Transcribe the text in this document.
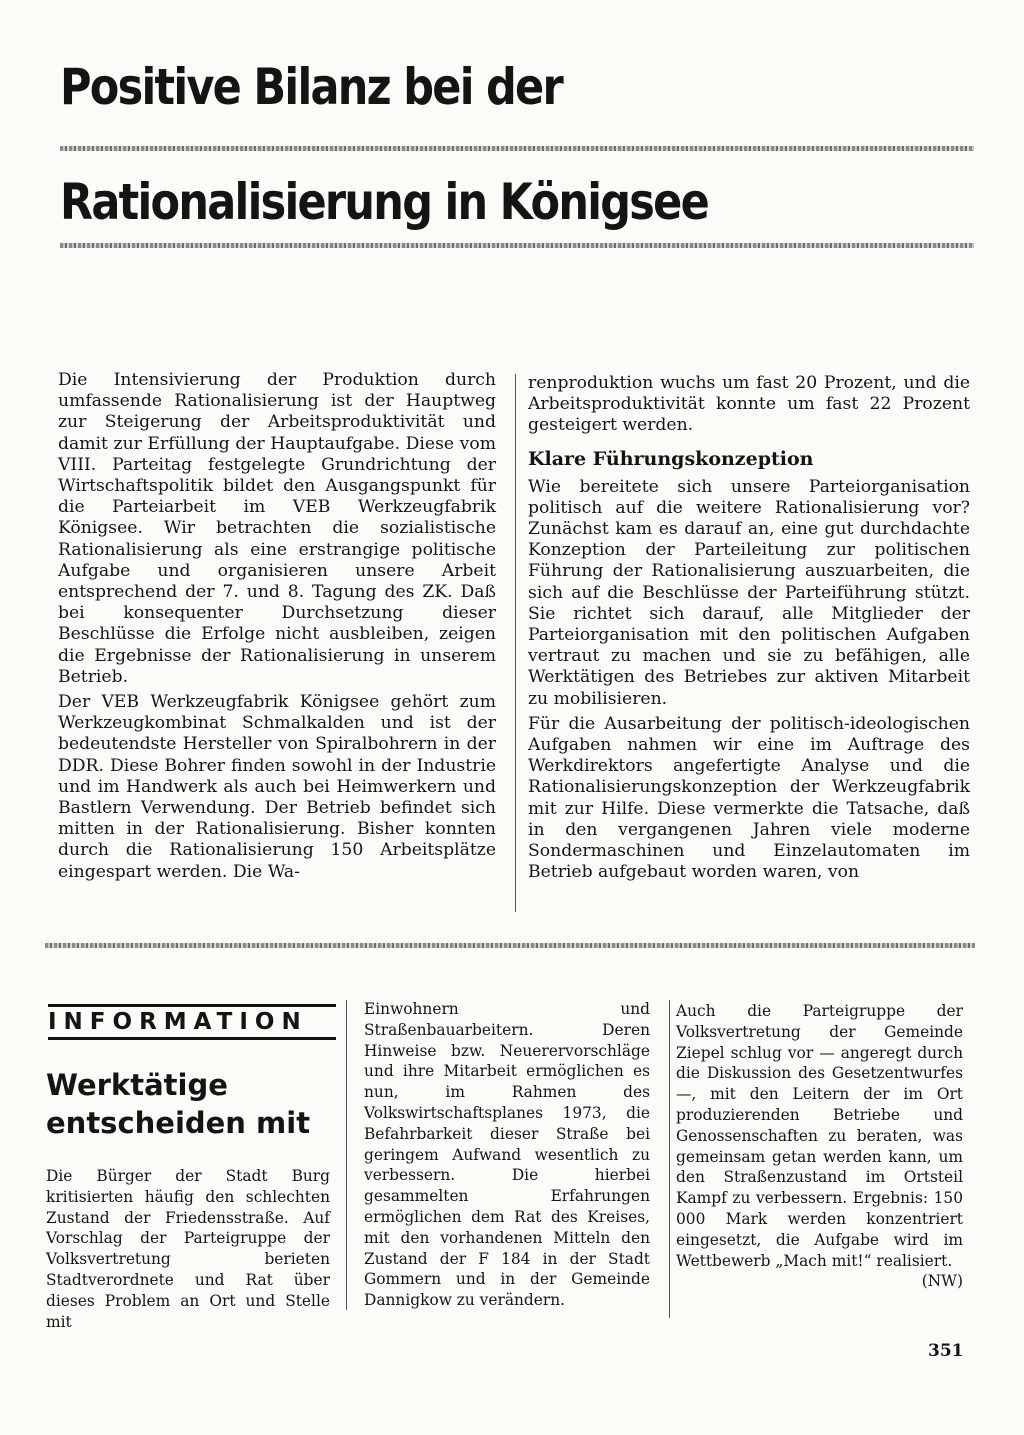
Positive Bilanz bei der
Rationalisierung in Königsee

Die Intensivierung der Produktion durch umfassende Rationalisierung ist der Hauptweg zur Steigerung der Arbeitsproduktivität und damit zur Erfüllung der Hauptaufgabe. Diese vom VIII. Parteitag festgelegte Grundrichtung der Wirtschaftspolitik bildet den Ausgangspunkt für die Parteiarbeit im VEB Werkzeugfabrik Königsee. Wir betrachten die sozialistische Rationalisierung als eine erstrangige politische Aufgabe und organisieren unsere Arbeit entsprechend der 7. und 8. Tagung des ZK. Daß bei konsequenter Durchsetzung dieser Beschlüsse die Erfolge nicht ausbleiben, zeigen die Ergebnisse der Rationalisierung in unserem Betrieb.

Der VEB Werkzeugfabrik Königsee gehört zum Werkzeugkombinat Schmalkalden und ist der bedeutendste Hersteller von Spiralbohrern in der DDR. Diese Bohrer finden sowohl in der Industrie und im Handwerk als auch bei Heimwerkern und Bastlern Verwendung. Der Betrieb befindet sich mitten in der Rationalisierung. Bisher konnten durch die Rationalisierung 150 Arbeitsplätze eingespart werden. Die Wa-

renproduktion wuchs um fast 20 Prozent, und die Arbeitsproduktivität konnte um fast 22 Prozent gesteigert werden.

Klare Führungskonzeption

Wie bereitete sich unsere Parteiorganisation politisch auf die weitere Rationalisierung vor? Zunächst kam es darauf an, eine gut durchdachte Konzeption der Parteileitung zur politischen Führung der Rationalisierung auszuarbeiten, die sich auf die Beschlüsse der Parteiführung stützt. Sie richtet sich darauf, alle Mitglieder der Parteiorganisation mit den politischen Aufgaben vertraut zu machen und sie zu befähigen, alle Werktätigen des Betriebes zur aktiven Mitarbeit zu mobilisieren.

Für die Ausarbeitung der politisch-ideologischen Aufgaben nahmen wir eine im Auftrage des Werkdirektors angefertigte Analyse und die Rationalisierungskonzeption der Werkzeugfabrik mit zur Hilfe. Diese vermerkte die Tatsache, daß in den vergangenen Jahren viele moderne Sondermaschinen und Einzelautomaten im Betrieb aufgebaut worden waren, von

INFORMATION
Werktätige entscheiden mit

Die Bürger der Stadt Burg kritisierten häufig den schlechten Zustand der Friedensstraße. Auf Vorschlag der Parteigruppe der Volksvertretung berieten Stadtverordnete und Rat über dieses Problem an Ort und Stelle mit

Einwohnern und Straßenbauarbeitern. Deren Hinweise bzw. Neuerervorschläge und ihre Mitarbeit ermöglichen es nun, im Rahmen des Volkswirtschaftsplanes 1973, die Befahrbarkeit dieser Straße bei geringem Aufwand wesentlich zu verbessern. Die hierbei gesammelten Erfahrungen ermöglichen dem Rat des Kreises, mit den vorhandenen Mitteln den Zustand der F 184 in der Stadt Gommern und in der Gemeinde Dannigkow zu verändern.

Auch die Parteigruppe der Volksvertretung der Gemeinde Ziepel schlug vor — angeregt durch die Diskussion des Gesetzentwurfes —, mit den Leitern der im Ort produzierenden Betriebe und Genossenschaften zu beraten, was gemeinsam getan werden kann, um den Straßenzustand im Ortsteil Kampf zu verbessern. Ergebnis: 150 000 Mark werden konzentriert eingesetzt, die Aufgabe wird im Wettbewerb „Mach mit!“ realisiert.
(NW)
351
